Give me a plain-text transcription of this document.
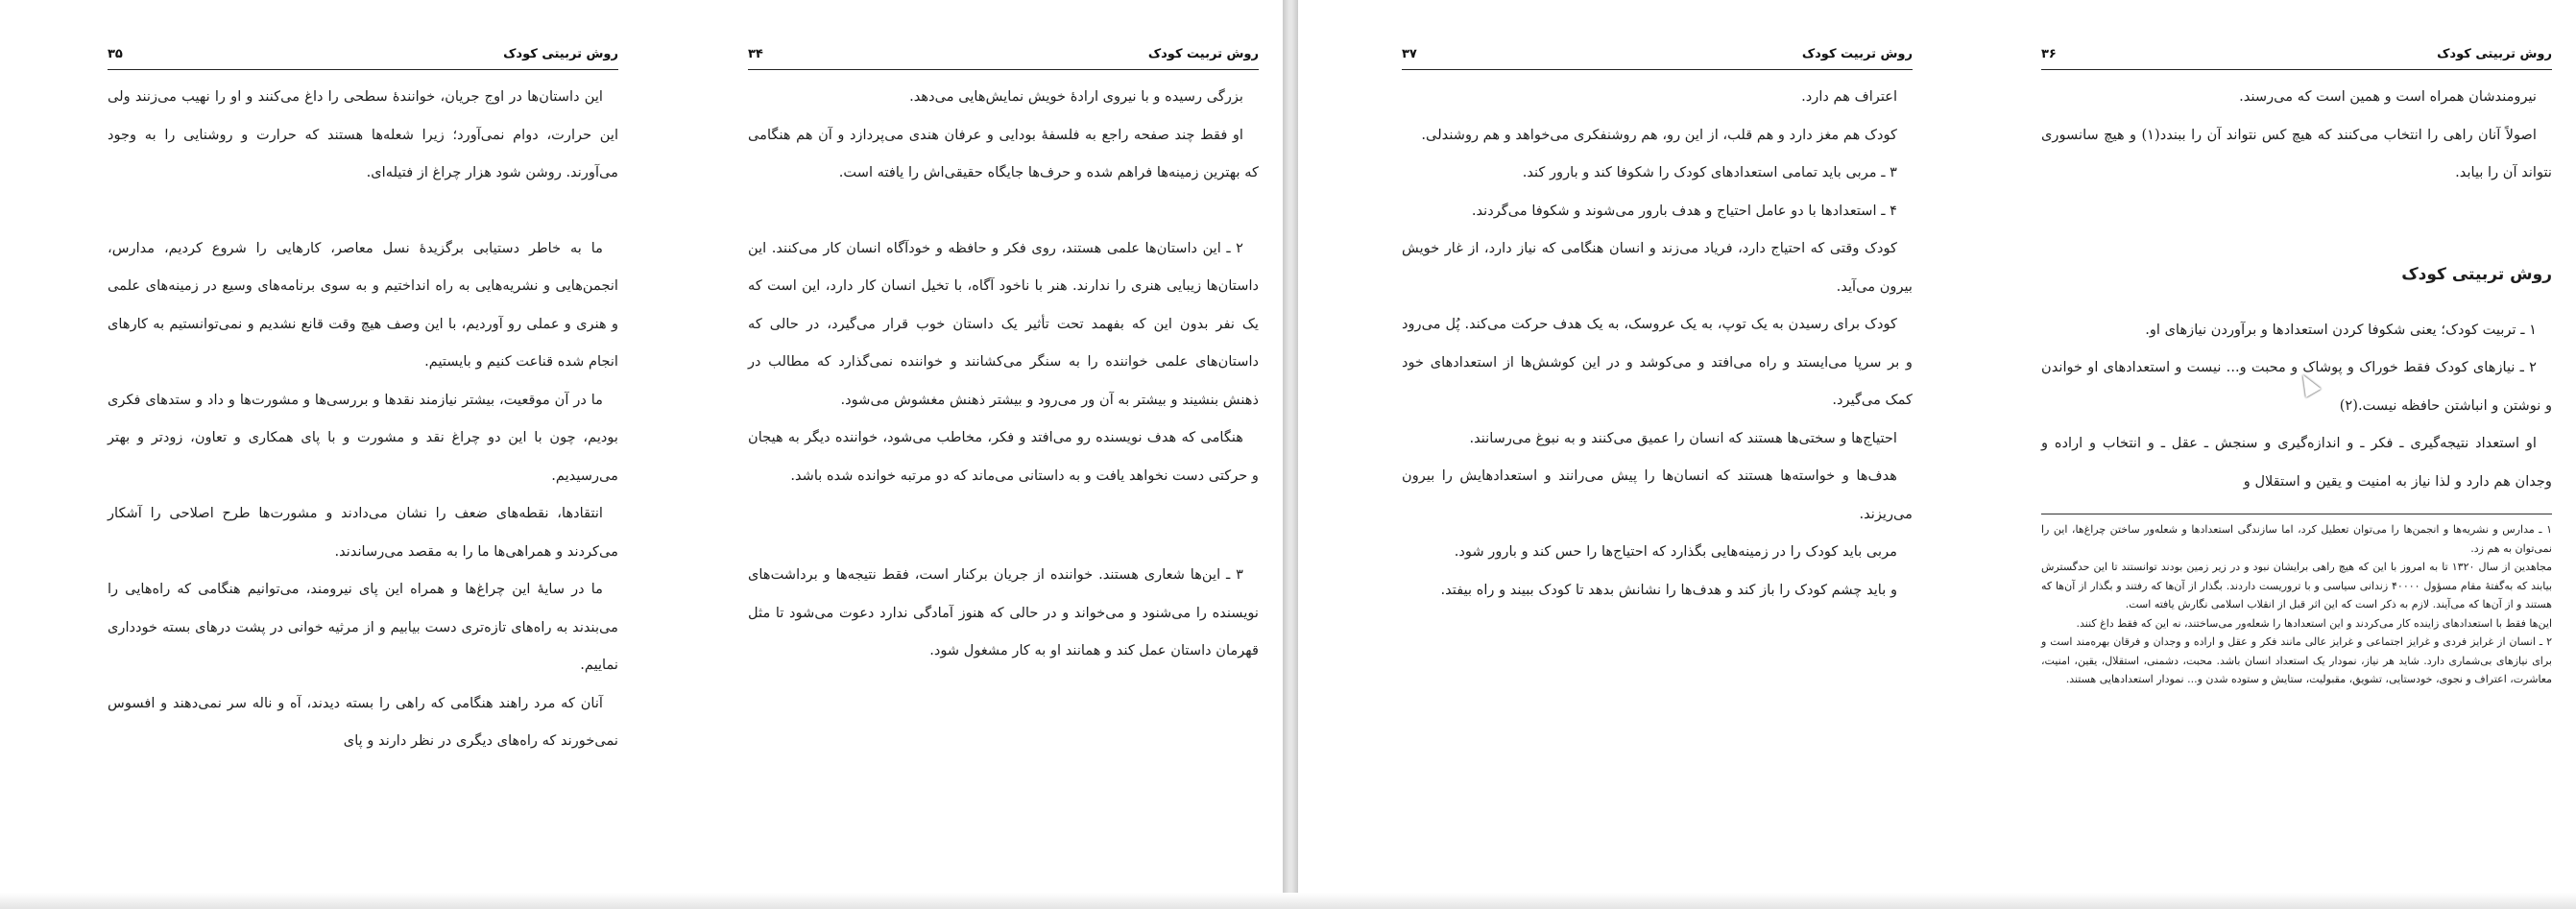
روش تربیتی کودک
۳۵

این داستان‌ها در اوج جریان، خوانندهٔ سطحی را داغ می‌کنند و او را نهیب می‌زنند ولی این حرارت، دوام نمی‌آورد؛ زیرا شعله‌ها هستند که حرارت و روشنایی را به وجود می‌آورند. روشن شود هزار چراغ از فتیله‌ای.

ما به خاطر دستیابی برگزیدهٔ نسل معاصر، کارهایی را شروع کردیم، مدارس، انجمن‌هایی و نشریه‌هایی به راه انداختیم و به سوی برنامه‌های وسیع در زمینه‌های علمی و هنری و عملی رو آوردیم، با این وصف هیچ وقت قانع نشدیم و نمی‌توانستیم به کارهای انجام شده قناعت کنیم و بایستیم.

ما در آن موقعیت، بیشتر نیازمند نقدها و بررسی‌ها و مشورت‌ها و داد و ستدهای فکری بودیم، چون با این دو چراغ نقد و مشورت و با پای همکاری و تعاون، زودتر و بهتر می‌رسیدیم.

انتقادها، نقطه‌های ضعف را نشان می‌دادند و مشورت‌ها طرح اصلاحی را آشکار می‌کردند و همراهی‌ها ما را به مقصد می‌رساندند.

ما در سایهٔ این چراغ‌ها و همراه این پای نیرومند، می‌توانیم هنگامی که راه‌هایی را می‌بندند به راه‌های تازه‌تری دست بیابیم و از مرثیه خوانی در پشت درهای بسته خودداری نماییم.

آنان که مرد راهند هنگامی که راهی را بسته دیدند، آه و ناله سر نمی‌دهند و افسوس نمی‌خورند که راه‌های دیگری در نظر دارند و پای

روش تربیت کودک
۳۴

بزرگی رسیده و با نیروی ارادهٔ خویش نمایش‌هایی می‌دهد.

او فقط چند صفحه راجع به فلسفهٔ بودایی و عرفان هندی می‌پردازد و آن هم هنگامی که بهترین زمینه‌ها فراهم شده و حرف‌ها جایگاه حقیقی‌اش را یافته است.

۲ ـ این داستان‌ها علمی هستند، روی فکر و حافظه و خودآگاه انسان کار می‌کنند. این داستان‌ها زیبایی هنری را ندارند. هنر با ناخود آگاه، با تخیل انسان کار دارد، این است که یک نفر بدون این که بفهمد تحت تأثیر یک داستان خوب قرار می‌گیرد، در حالی که داستان‌های علمی خواننده را به سنگر می‌کشانند و خواننده نمی‌گذارد که مطالب در ذهنش بنشیند و بیشتر به آن ور می‌رود و بیشتر ذهنش مغشوش می‌شود.

هنگامی که هدف نویسنده رو می‌افتد و فکر، مخاطب می‌شود، خواننده دیگر به هیجان و حرکتی دست نخواهد یافت و به داستانی می‌ماند که دو مرتبه خوانده شده باشد.

۳ ـ این‌ها شعاری هستند. خواننده از جریان برکنار است، فقط نتیجه‌ها و برداشت‌های نویسنده را می‌شنود و می‌خواند و در حالی که هنوز آمادگی ندارد دعوت می‌شود تا مثل قهرمان داستان عمل کند و همانند او به کار مشغول شود.

روش تربیت کودک
۳۷

اعتراف هم دارد.

کودک هم مغز دارد و هم قلب، از این رو، هم روشنفکری می‌خواهد و هم روشندلی.

۳ ـ مربی باید تمامی استعدادهای کودک را شکوفا کند و بارور کند.

۴ ـ استعدادها با دو عامل احتیاج و هدف بارور می‌شوند و شکوفا می‌گردند.

کودک وقتی که احتیاج دارد، فریاد می‌زند و انسان هنگامی که نیاز دارد، از غار خویش بیرون می‌آید.

کودک برای رسیدن به یک توپ، به یک عروسک، به یک هدف حرکت می‌کند. پُل می‌رود و بر سرپا می‌ایستد و راه می‌افتد و می‌کوشد و در این کوشش‌ها از استعدادهای خود کمک می‌گیرد.

احتیاج‌ها و سختی‌ها هستند که انسان را عمیق می‌کنند و به نبوغ می‌رسانند.

هدف‌ها و خواسته‌ها هستند که انسان‌ها را پیش می‌رانند و استعدادهایش را بیرون می‌ریزند.

مربی باید کودک را در زمینه‌هایی بگذارد که احتیاج‌ها را حس کند و بارور شود.

و باید چشم کودک را باز کند و هدف‌ها را نشانش بدهد تا کودک ببیند و راه بیفتد.

روش تربیتی کودک
۳۶

نیرومندشان همراه است و همین است که می‌رسند.

اصولاً آنان راهی را انتخاب می‌کنند که هیچ کس نتواند آن را ببندد(۱) و هیچ سانسوری نتواند آن را بیابد.

روش تربیتی کودک

۱ ـ تربیت کودک؛ یعنی شکوفا کردن استعدادها و برآوردن نیازهای او.

۲ ـ نیازهای کودک فقط خوراک و پوشاک و محبت و... نیست و استعدادهای او خواندن و نوشتن و انباشتن حافظه نیست.(۲)

او استعداد نتیجه‌گیری ـ فکر ـ و اندازه‌گیری و سنجش ـ عقل ـ و انتخاب و اراده و وجدان هم دارد و لذا نیاز به امنیت و یقین و استقلال و

۱ ـ مدارس و نشریه‌ها و انجمن‌ها را می‌توان تعطیل کرد، اما سازندگی استعدادها و شعله‌ور ساختن چراغ‌ها، این را نمی‌توان به هم زد.

مجاهدین از سال ۱۳۲۰ تا به امروز با این که هیچ راهی برایشان نبود و در زیر زمین بودند توانستند تا این حدگسترش بیابند که به‌گفتهٔ مقام مسؤول ۴۰۰۰۰ زندانی سیاسی و با تروریست داردند. بگذار از آن‌ها که رفتند و بگذار از آن‌ها که هستند و از آن‌ها که می‌آیند. لازم به ذکر است که این اثر قبل از انقلاب اسلامی نگارش یافته است.

این‌ها فقط با استعدادهای زاینده کار می‌کردند و این استعدادها را شعله‌ور می‌ساختند، نه این که فقط داغ کنند.

۲ ـ انسان از غرایز فردی و غرایز اجتماعی و غرایز عالی مانند فکر و عقل و اراده و وجدان و فرقان بهره‌مند است و برای نیازهای بی‌شماری دارد. شاید هر نیاز، نمودار یک استعداد انسان باشد. محبت، دشمنی، استقلال، یقین، امنیت، معاشرت، اعتراف و نجوی، خودستایی، تشویق، مقبولیت، ستایش و ستوده شدن و... نمودار استعدادهایی هستند.
